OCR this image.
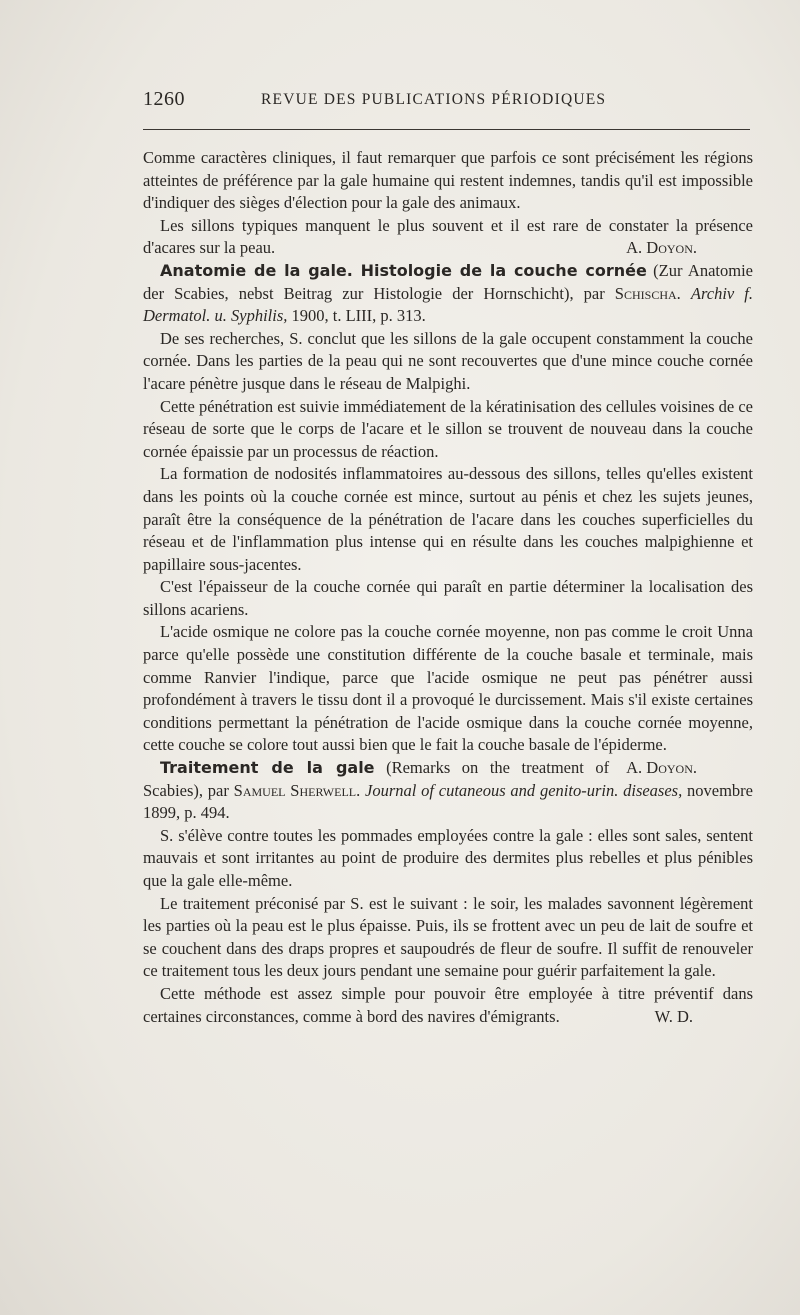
1260	REVUE DES PUBLICATIONS PÉRIODIQUES

Comme caractères cliniques, il faut remarquer que parfois ce sont précisément les régions atteintes de préférence par la gale humaine qui restent indemnes, tandis qu'il est impossible d'indiquer des sièges d'élection pour la gale des animaux.

Les sillons typiques manquent le plus souvent et il est rare de constater la présence d'acares sur la peau.	A. Doyon.

Anatomie de la gale. Histologie de la couche cornée (Zur Anatomie der Scabies, nebst Beitrag zur Histologie der Hornschicht), par Schischa. Archiv f. Dermatol. u. Syphilis, 1900, t. LIII, p. 313.

De ses recherches, S. conclut que les sillons de la gale occupent constamment la couche cornée. Dans les parties de la peau qui ne sont recouvertes que d'une mince couche cornée l'acare pénètre jusque dans le réseau de Malpighi.

Cette pénétration est suivie immédiatement de la kératinisation des cellules voisines de ce réseau de sorte que le corps de l'acare et le sillon se trouvent de nouveau dans la couche cornée épaissie par un processus de réaction.

La formation de nodosités inflammatoires au-dessous des sillons, telles qu'elles existent dans les points où la couche cornée est mince, surtout au pénis et chez les sujets jeunes, paraît être la conséquence de la pénétration de l'acare dans les couches superficielles du réseau et de l'inflammation plus intense qui en résulte dans les couches malpighienne et papillaire sous-jacentes.

C'est l'épaisseur de la couche cornée qui paraît en partie déterminer la localisation des sillons acariens.

L'acide osmique ne colore pas la couche cornée moyenne, non pas comme le croit Unna parce qu'elle possède une constitution différente de la couche basale et terminale, mais comme Ranvier l'indique, parce que l'acide osmique ne peut pas pénétrer aussi profondément à travers le tissu dont il a provoqué le durcissement. Mais s'il existe certaines conditions permettant la pénétration de l'acide osmique dans la couche cornée moyenne, cette couche se colore tout aussi bien que le fait la couche basale de l'épiderme.
A. Doyon.

Traitement de la gale (Remarks on the treatment of Scabies), par Samuel Sherwell. Journal of cutaneous and genito-urin. diseases, novembre 1899, p. 494.

S. s'élève contre toutes les pommades employées contre la gale : elles sont sales, sentent mauvais et sont irritantes au point de produire des dermites plus rebelles et plus pénibles que la gale elle-même.

Le traitement préconisé par S. est le suivant : le soir, les malades savonnent légèrement les parties où la peau est le plus épaisse. Puis, ils se frottent avec un peu de lait de soufre et se couchent dans des draps propres et saupoudrés de fleur de soufre. Il suffit de renouveler ce traitement tous les deux jours pendant une semaine pour guérir parfaitement la gale.

Cette méthode est assez simple pour pouvoir être employée à titre préventif dans certaines circonstances, comme à bord des navires d'émigrants.	W. D.
